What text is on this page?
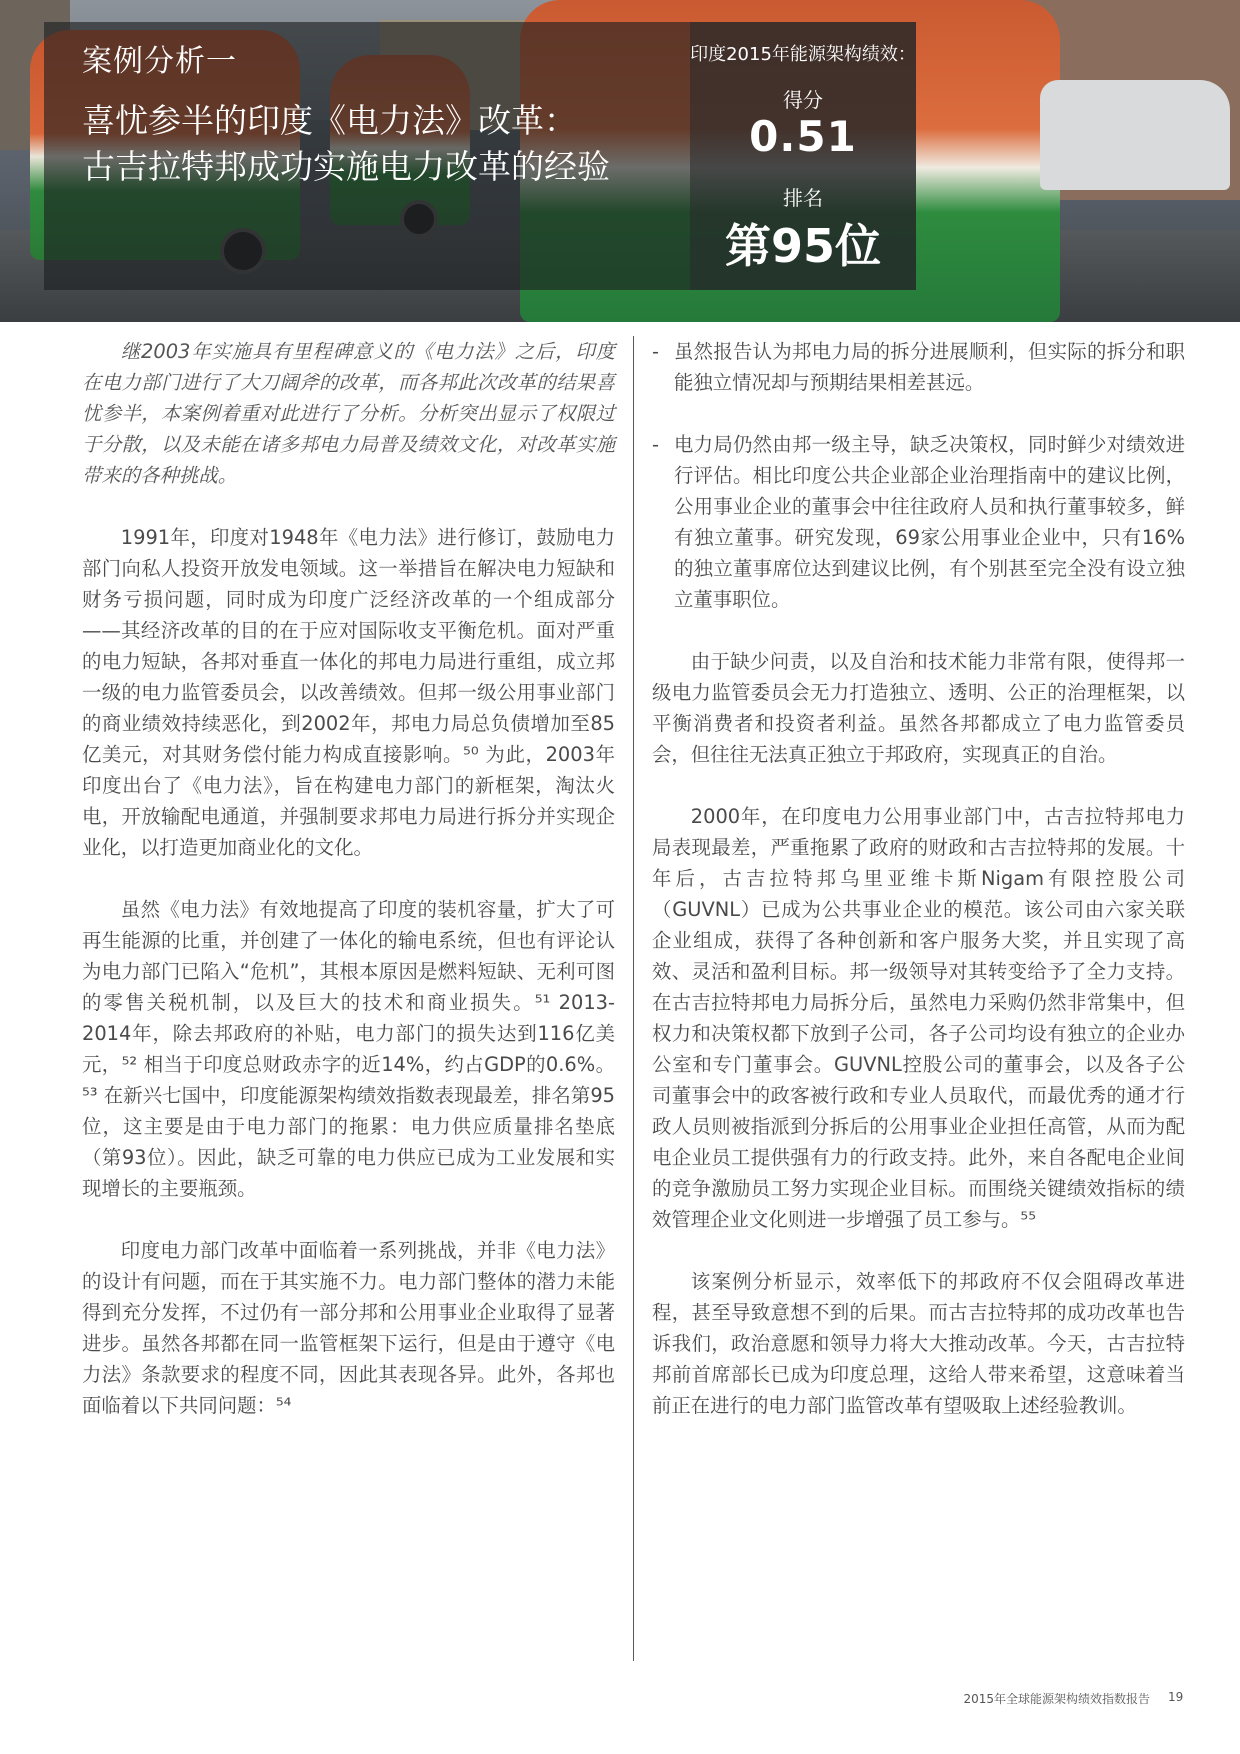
案例分析一
喜忧参半的印度《电力法》改革：
古吉拉特邦成功实施电力改革的经验
印度2015年能源架构绩效：
得分
0.51
排名
第95位

继2003年实施具有里程碑意义的《电力法》之后，印度在电力部门进行了大刀阔斧的改革，而各邦此次改革的结果喜忧参半，本案例着重对此进行了分析。分析突出显示了权限过于分散，以及未能在诸多邦电力局普及绩效文化，对改革实施带来的各种挑战。

1991年，印度对1948年《电力法》进行修订，鼓励电力部门向私人投资开放发电领域。这一举措旨在解决电力短缺和财务亏损问题，同时成为印度广泛经济改革的一个组成部分——其经济改革的目的在于应对国际收支平衡危机。面对严重的电力短缺，各邦对垂直一体化的邦电力局进行重组，成立邦一级的电力监管委员会，以改善绩效。但邦一级公用事业部门的商业绩效持续恶化，到2002年，邦电力局总负债增加至85亿美元，对其财务偿付能力构成直接影响。⁵⁰ 为此，2003年印度出台了《电力法》，旨在构建电力部门的新框架，淘汰火电，开放输配电通道，并强制要求邦电力局进行拆分并实现企业化，以打造更加商业化的文化。

虽然《电力法》有效地提高了印度的装机容量，扩大了可再生能源的比重，并创建了一体化的输电系统，但也有评论认为电力部门已陷入“危机”，其根本原因是燃料短缺、无利可图的零售关税机制，以及巨大的技术和商业损失。⁵¹ 2013-2014年，除去邦政府的补贴，电力部门的损失达到116亿美元，⁵² 相当于印度总财政赤字的近14%，约占GDP的0.6%。⁵³ 在新兴七国中，印度能源架构绩效指数表现最差，排名第95位，这主要是由于电力部门的拖累：电力供应质量排名垫底（第93位）。因此，缺乏可靠的电力供应已成为工业发展和实现增长的主要瓶颈。

印度电力部门改革中面临着一系列挑战，并非《电力法》的设计有问题，而在于其实施不力。电力部门整体的潜力未能得到充分发挥，不过仍有一部分邦和公用事业企业取得了显著进步。虽然各邦都在同一监管框架下运行，但是由于遵守《电力法》条款要求的程度不同，因此其表现各异。此外，各邦也面临着以下共同问题：⁵⁴

- 虽然报告认为邦电力局的拆分进展顺利，但实际的拆分和职能独立情况却与预期结果相差甚远。

- 电力局仍然由邦一级主导，缺乏决策权，同时鲜少对绩效进行评估。相比印度公共企业部企业治理指南中的建议比例，公用事业企业的董事会中往往政府人员和执行董事较多，鲜有独立董事。研究发现，69家公用事业企业中，只有16%的独立董事席位达到建议比例，有个别甚至完全没有设立独立董事职位。

由于缺少问责，以及自治和技术能力非常有限，使得邦一级电力监管委员会无力打造独立、透明、公正的治理框架，以平衡消费者和投资者利益。虽然各邦都成立了电力监管委员会，但往往无法真正独立于邦政府，实现真正的自治。

2000年，在印度电力公用事业部门中，古吉拉特邦电力局表现最差，严重拖累了政府的财政和古吉拉特邦的发展。十年后，古吉拉特邦乌里亚维卡斯Nigam有限控股公司（GUVNL）已成为公共事业企业的模范。该公司由六家关联企业组成，获得了各种创新和客户服务大奖，并且实现了高效、灵活和盈利目标。邦一级领导对其转变给予了全力支持。在古吉拉特邦电力局拆分后，虽然电力采购仍然非常集中，但权力和决策权都下放到子公司，各子公司均设有独立的企业办公室和专门董事会。GUVNL控股公司的董事会，以及各子公司董事会中的政客被行政和专业人员取代，而最优秀的通才行政人员则被指派到分拆后的公用事业企业担任高管，从而为配电企业员工提供强有力的行政支持。此外，来自各配电企业间的竞争激励员工努力实现企业目标。而围绕关键绩效指标的绩效管理企业文化则进一步增强了员工参与。⁵⁵

该案例分析显示，效率低下的邦政府不仅会阻碍改革进程，甚至导致意想不到的后果。而古吉拉特邦的成功改革也告诉我们，政治意愿和领导力将大大推动改革。今天，古吉拉特邦前首席部长已成为印度总理，这给人带来希望，这意味着当前正在进行的电力部门监管改革有望吸取上述经验教训。

2015年全球能源架构绩效指数报告 19
